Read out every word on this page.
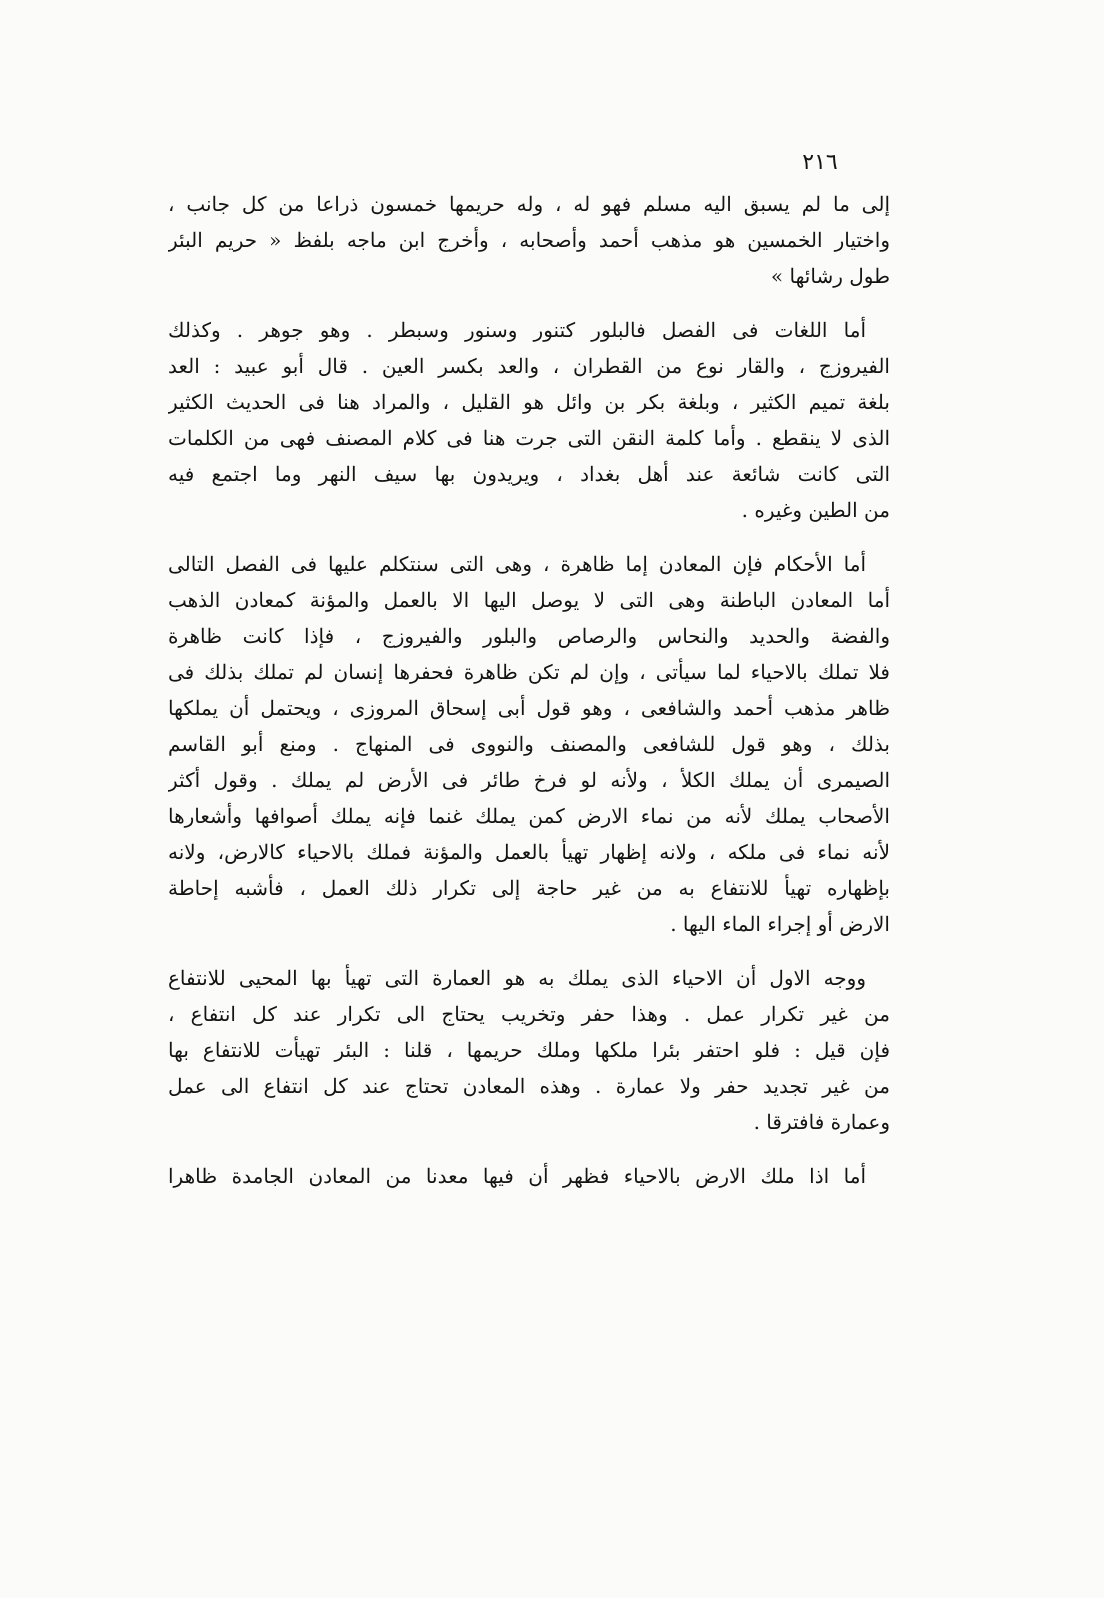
٢١٦
إلى ما لم يسبق اليه مسلم فهو له ، وله حريمها خمسون ذراعا من كل جانب ،
واختيار الخمسين هو مذهب أحمد وأصحابه ، وأخرج ابن ماجه بلفظ « حريم البئر
طول رشائها »
أما اللغات فى الفصل فالبلور كتنور وسنور وسبطر . وهو جوهر . وكذلك
الفيروزج ، والقار نوع من القطران ، والعد بكسر العين . قال أبو عبيد : العد
بلغة تميم الكثير ، وبلغة بكر بن وائل هو القليل ، والمراد هنا فى الحديث الكثير
الذى لا ينقطع . وأما كلمة النقن التى جرت هنا فى كلام المصنف فهى من الكلمات
التى كانت شائعة عند أهل بغداد ، ويريدون بها سيف النهر وما اجتمع فيه
من الطين وغيره .
أما الأحكام فإن المعادن إما ظاهرة ، وهى التى سنتكلم عليها فى الفصل التالى
أما المعادن الباطنة وهى التى لا يوصل اليها الا بالعمل والمؤنة كمعادن الذهب
والفضة والحديد والنحاس والرصاص والبلور والفيروزج ، فإذا كانت ظاهرة
فلا تملك بالاحياء لما سيأتى ، وإن لم تكن ظاهرة فحفرها إنسان لم تملك بذلك فى
ظاهر مذهب أحمد والشافعى ، وهو قول أبى إسحاق المروزى ، ويحتمل أن يملكها
بذلك ، وهو قول للشافعى والمصنف والنووى فى المنهاج . ومنع أبو القاسم
الصيمرى أن يملك الكلأ ، ولأنه لو فرخ طائر فى الأرض لم يملك . وقول أكثر
الأصحاب يملك لأنه من نماء الارض كمن يملك غنما فإنه يملك أصوافها وأشعارها
لأنه نماء فى ملكه ، ولانه إظهار تهيأ بالعمل والمؤنة فملك بالاحياء كالارض، ولانه
بإظهاره تهيأ للانتفاع به من غير حاجة إلى تكرار ذلك العمل ، فأشبه إحاطة
الارض أو إجراء الماء اليها .
ووجه الاول أن الاحياء الذى يملك به هو العمارة التى تهيأ بها المحيى للانتفاع
من غير تكرار عمل . وهذا حفر وتخريب يحتاج الى تكرار عند كل انتفاع ،
فإن قيل : فلو احتفر بئرا ملكها وملك حريمها ، قلنا : البئر تهيأت للانتفاع بها
من غير تجديد حفر ولا عمارة . وهذه المعادن تحتاج عند كل انتفاع الى عمل
وعمارة فافترقا .
أما اذا ملك الارض بالاحياء فظهر أن فيها معدنا من المعادن الجامدة ظاهرا
